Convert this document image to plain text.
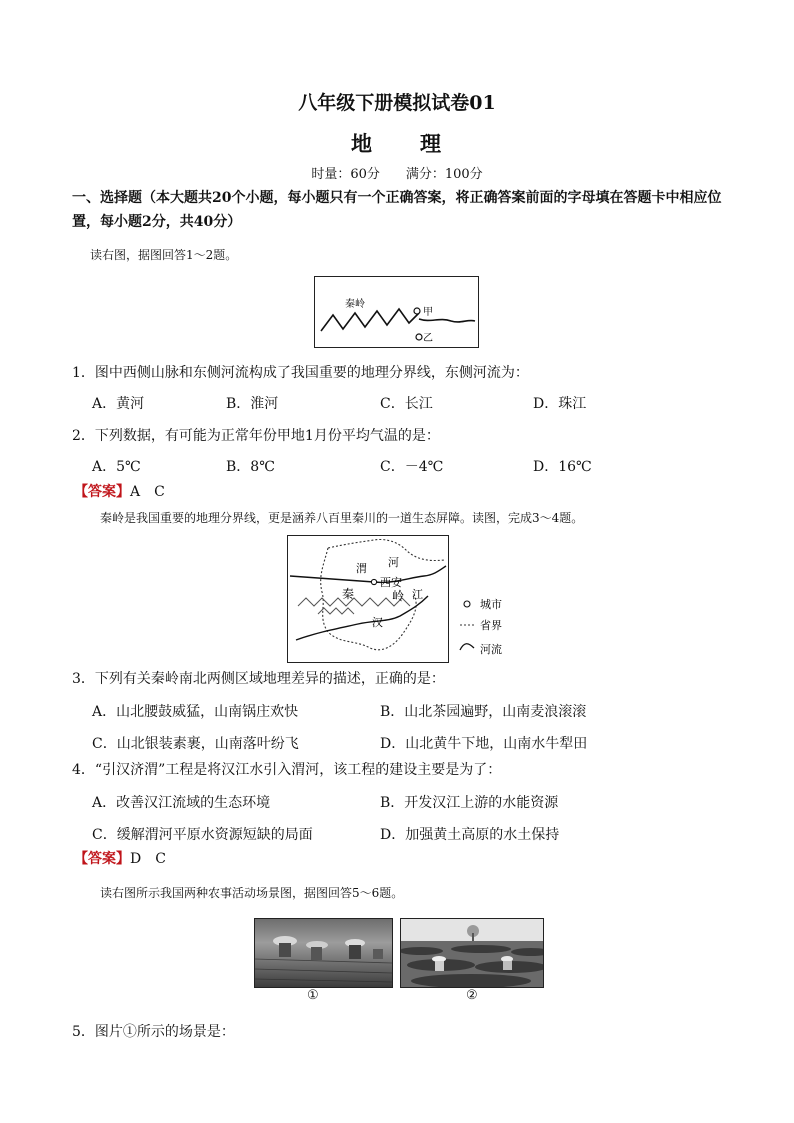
八年级下册模拟试卷01
地　　理
时量：60分　　满分：100分
一、选择题（本大题共20个小题，每小题只有一个正确答案，将正确答案前面的字母填在答题卡中相应位
置，每小题2分，共40分）
读右图，据图回答1～2题。
秦岭
甲
乙
1．图中西侧山脉和东侧河流构成了我国重要的地理分界线，东侧河流为：
A．黄河	B．淮河	C．长江	D．珠江
2．下列数据，有可能为正常年份甲地1月份平均气温的是：
A．5℃	B．8℃	C．－4℃	D．16℃
【答案】A　C
秦岭是我国重要的地理分界线，更是涵养八百里秦川的一道生态屏障。读图，完成3～4题。
渭 河
西安
秦	岭
汉
江
城市
省界
河流
3．下列有关秦岭南北两侧区域地理差异的描述，正确的是：
A．山北腰鼓威猛，山南锅庄欢快	B．山北茶园遍野，山南麦浪滚滚
C．山北银装素裹，山南落叶纷飞	D．山北黄牛下地，山南水牛犁田
4．“引汉济渭”工程是将汉江水引入渭河，该工程的建设主要是为了：
A．改善汉江流域的生态环境	B．开发汉江上游的水能资源
C．缓解渭河平原水资源短缺的局面	D．加强黄土高原的水土保持
【答案】D　C
读右图所示我国两种农事活动场景图，据图回答5～6题。
①	②
5．图片①所示的场景是：
